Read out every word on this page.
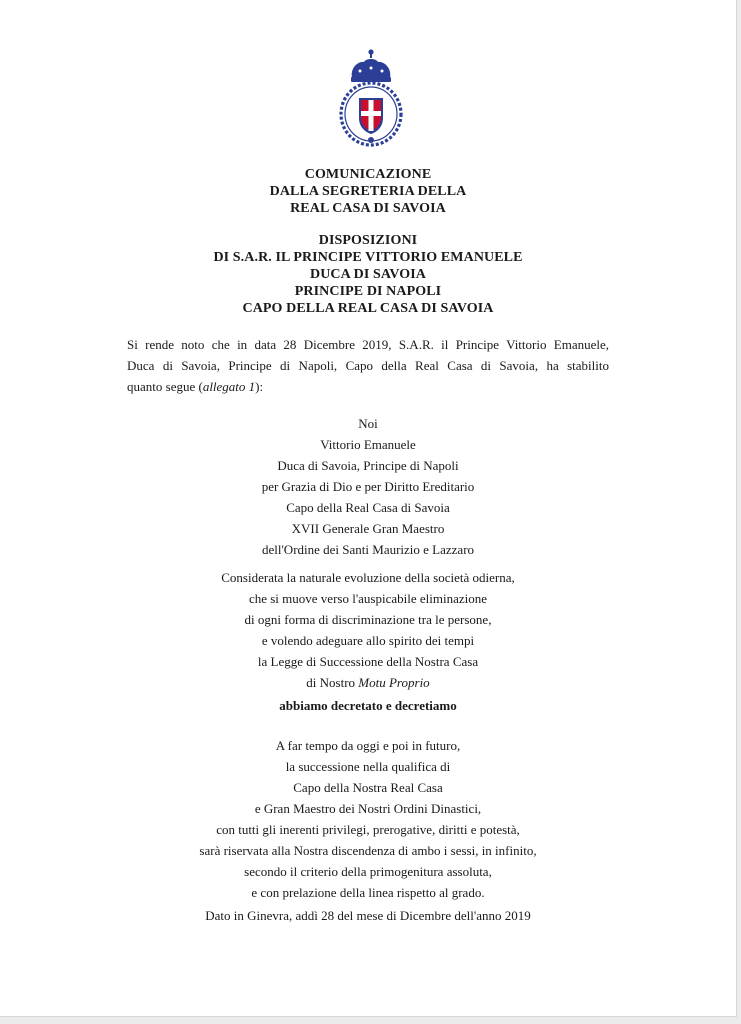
COMUNICAZIONE
DALLA SEGRETERIA DELLA
REAL CASA DI SAVOIA
DISPOSIZIONI
DI S.A.R. IL PRINCIPE VITTORIO EMANUELE
DUCA DI SAVOIA
PRINCIPE DI NAPOLI
CAPO DELLA REAL CASA DI SAVOIA
Si rende noto che in data 28 Dicembre 2019, S.A.R. il Principe Vittorio Emanuele,
Duca di Savoia, Principe di Napoli, Capo della Real Casa di Savoia, ha stabilito
quanto segue (allegato 1):
Noi
Vittorio Emanuele
Duca di Savoia, Principe di Napoli
per Grazia di Dio e per Diritto Ereditario
Capo della Real Casa di Savoia
XVII Generale Gran Maestro
dell'Ordine dei Santi Maurizio e Lazzaro
Considerata la naturale evoluzione della società odierna,
che si muove verso l'auspicabile eliminazione
di ogni forma di discriminazione tra le persone,
e volendo adeguare allo spirito dei tempi
la Legge di Successione della Nostra Casa
di Nostro Motu Proprio
abbiamo decretato e decretiamo
A far tempo da oggi e poi in futuro,
la successione nella qualifica di
Capo della Nostra Real Casa
e Gran Maestro dei Nostri Ordini Dinastici,
con tutti gli inerenti privilegi, prerogative, diritti e potestà,
sarà riservata alla Nostra discendenza di ambo i sessi, in infinito,
secondo il criterio della primogenitura assoluta,
e con prelazione della linea rispetto al grado.
Dato in Ginevra, addì 28 del mese di Dicembre dell'anno 2019
